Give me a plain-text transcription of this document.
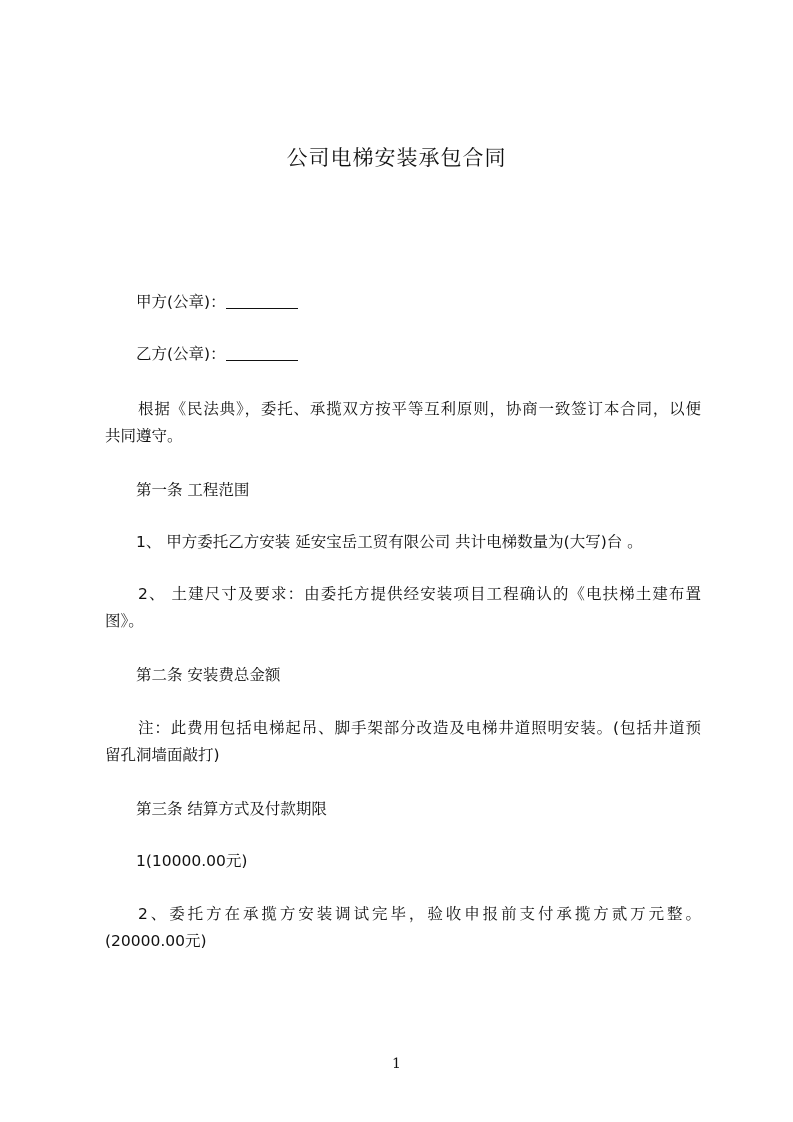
公司电梯安装承包合同
甲方(公章)：
乙方(公章)：
根据《民法典》，委托、承揽双方按平等互利原则，协商一致签订本合同，以便
共同遵守。
第一条 工程范围
1、 甲方委托乙方安装 延安宝岳工贸有限公司 共计电梯数量为(大写)台 。
2、 土建尺寸及要求：由委托方提供经安装项目工程确认的《电扶梯土建布置
图》。
第二条 安装费总金额
注：此费用包括电梯起吊、脚手架部分改造及电梯井道照明安装。(包括井道预
留孔洞墙面敲打)
第三条 结算方式及付款期限
1(10000.00元)
2、委托方在承揽方安装调试完毕，验收申报前支付承揽方贰万元整。
(20000.00元)
1
